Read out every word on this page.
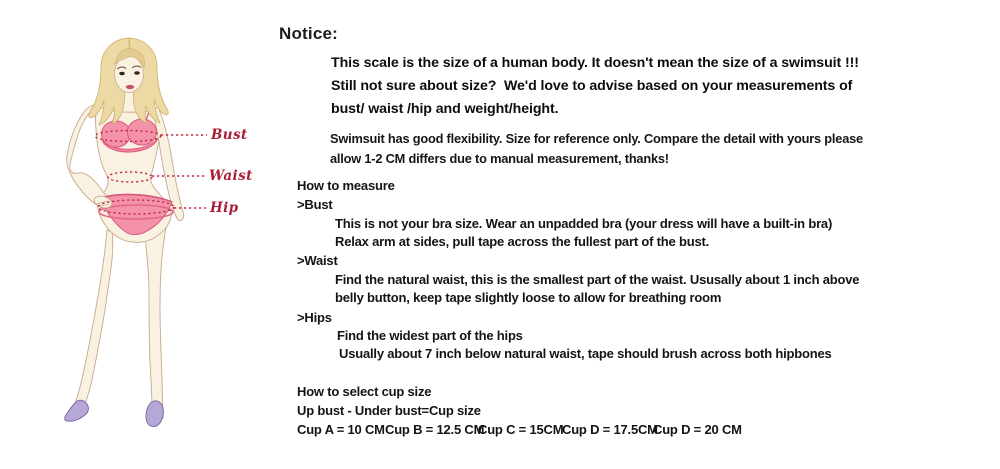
Bust
Waist
Hip
Notice:
This scale is the size of a human body. It doesn't mean the size of a swimsuit !!!
Still not sure about size?  We'd love to advise based on your measurements of
bust/ waist /hip and weight/height.
Swimsuit has good flexibility. Size for reference only. Compare the detail with yours please
allow 1-2 CM differs due to manual measurement, thanks!
How to measure
>Bust
This is not your bra size. Wear an unpadded bra (your dress will have a built-in bra)
Relax arm at sides, pull tape across the fullest part of the bust.
>Waist
Find the natural waist, this is the smallest part of the waist. Ususally about 1 inch above
belly button, keep tape slightly loose to allow for breathing room
>Hips
Find the widest part of the hips
Usually about 7 inch below natural waist, tape should brush across both hipbones
How to select cup size
Up bust - Under bust=Cup size
Cup A = 10 CM Cup B = 12.5 CM
Cup C = 15CM
Cup D = 17.5CM
Cup D = 20 CM
